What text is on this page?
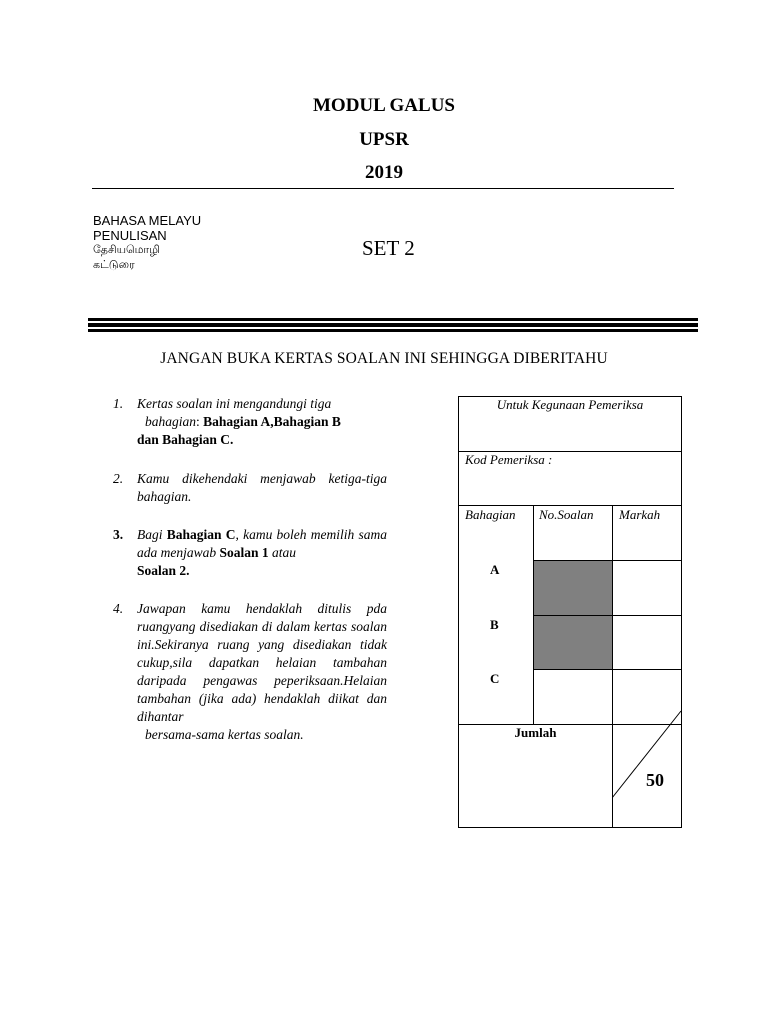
MODUL GALUS
UPSR
2019
BAHASA MELAYU
PENULISAN
தேசியமொழி
கட்டுரை
SET 2
JANGAN BUKA KERTAS SOALAN INI SEHINGGA DIBERITAHU
1. Kertas soalan ini mengandungi tiga
bahagian: Bahagian A,Bahagian B
dan Bahagian C.
2. Kamu dikehendaki menjawab ketiga-tiga bahagian.
3. Bagi Bahagian C, kamu boleh memilih sama ada menjawab Soalan 1 atau
Soalan 2.
4. Jawapan kamu hendaklah ditulis pda ruangyang disediakan di dalam kertas soalan ini.Sekiranya ruang yang disediakan tidak cukup,sila dapatkan helaian tambahan daripada pengawas peperiksaan.Helaian tambahan (jika ada) hendaklah diikat dan dihantar
bersama-sama kertas soalan.
Untuk Kegunaan Pemeriksa
Kod Pemeriksa :
Bahagian No.Soalan Markah
A
B
C
Jumlah
50
